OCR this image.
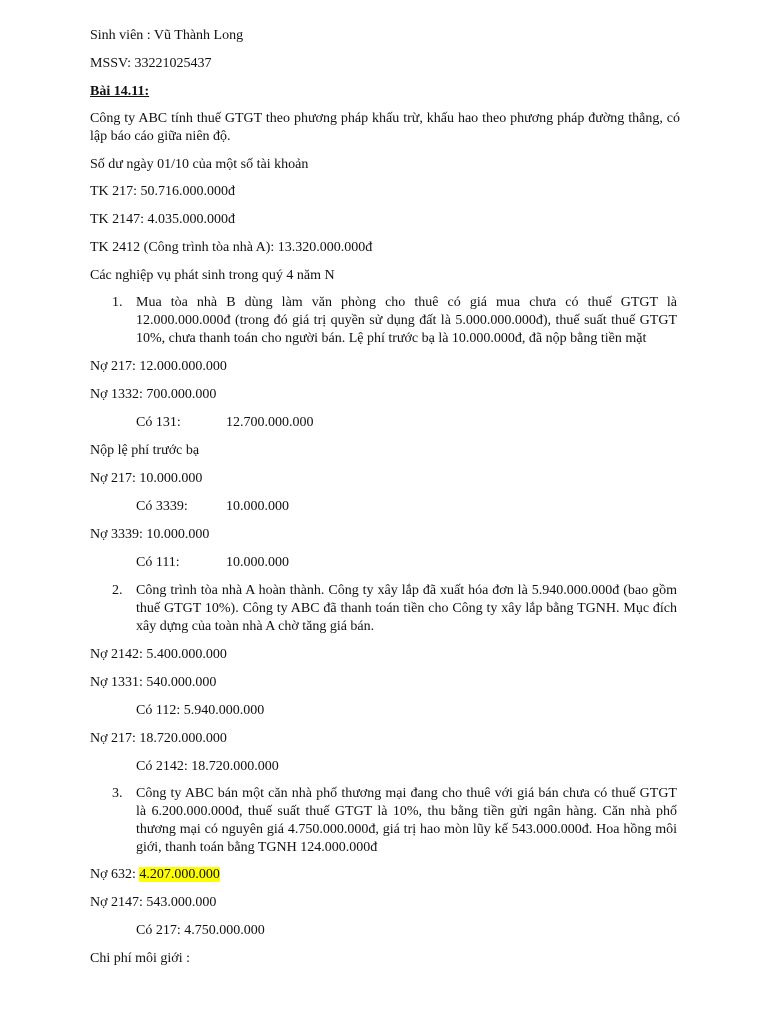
Sinh viên : Vũ Thành Long
MSSV: 33221025437
Bài 14.11:
Công ty ABC tính thuế GTGT theo phương pháp khấu trừ, khấu hao theo phương pháp đường thẳng, có lập báo cáo giữa niên độ.
Số dư ngày 01/10 của một số tài khoản
TK 217: 50.716.000.000đ
TK 2147: 4.035.000.000đ
TK 2412 (Công trình tòa nhà A): 13.320.000.000đ
Các nghiệp vụ phát sinh trong quý 4 năm N
1. Mua tòa nhà B dùng làm văn phòng cho thuê có giá mua chưa có thuế GTGT là 12.000.000.000đ (trong đó giá trị quyền sử dụng đất là 5.000.000.000đ), thuế suất thuế GTGT 10%, chưa thanh toán cho người bán. Lệ phí trước bạ là 10.000.000đ, đã nộp bằng tiền mặt
Nợ 217: 12.000.000.000
Nợ 1332: 700.000.000
Có 131:	12.700.000.000
Nộp lệ phí trước bạ
Nợ 217: 10.000.000
Có 3339:	10.000.000
Nợ 3339: 10.000.000
Có 111:	10.000.000
2. Công trình tòa nhà A hoàn thành. Công ty xây lắp đã xuất hóa đơn là 5.940.000.000đ (bao gồm thuế GTGT 10%). Công ty ABC đã thanh toán tiền cho Công ty xây lắp bằng TGNH. Mục đích xây dựng của toàn nhà A chờ tăng giá bán.
Nợ 2142: 5.400.000.000
Nợ 1331: 540.000.000
Có 112: 5.940.000.000
Nợ 217: 18.720.000.000
Có 2142: 18.720.000.000
3. Công ty ABC bán một căn nhà phố thương mại đang cho thuê với giá bán chưa có thuế GTGT là 6.200.000.000đ, thuế suất thuế GTGT là 10%, thu bằng tiền gửi ngân hàng. Căn nhà phố thương mại có nguyên giá 4.750.000.000đ, giá trị hao mòn lũy kế 543.000.000đ. Hoa hồng môi giới, thanh toán bằng TGNH 124.000.000đ
Nợ 632: 4.207.000.000
Nợ 2147: 543.000.000
Có 217: 4.750.000.000
Chi phí môi giới :
